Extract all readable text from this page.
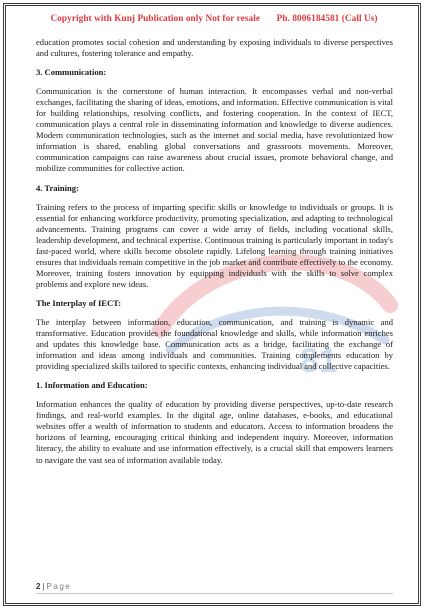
Copyright with Kunj Publication only Not for resale Ph. 8006184581 (Call Us)
81

education promotes social cohesion and understanding by exposing individuals to diverse perspectives and cultures, fostering tolerance and empathy.

3. Communication:

Communication is the cornerstone of human interaction. It encompasses verbal and non-verbal exchanges, facilitating the sharing of ideas, emotions, and information. Effective communication is vital for building relationships, resolving conflicts, and fostering cooperation. In the context of IECT, communication plays a central role in disseminating information and knowledge to diverse audiences. Modern communication technologies, such as the internet and social media, have revolutionized how information is shared, enabling global conversations and grassroots movements. Moreover, communication campaigns can raise awareness about crucial issues, promote behavioral change, and mobilize communities for collective action.

4. Training:

Training refers to the process of imparting specific skills or knowledge to individuals or groups. It is essential for enhancing workforce productivity, promoting specialization, and adapting to technological advancements. Training programs can cover a wide array of fields, including vocational skills, leadership development, and technical expertise. Continuous training is particularly important in today's fast-paced world, where skills become obsolete rapidly. Lifelong learning through training initiatives ensures that individuals remain competitive in the job market and contribute effectively to the economy. Moreover, training fosters innovation by equipping individuals with the skills to solve complex problems and explore new ideas.

The Interplay of IECT:

The interplay between information, education, communication, and training is dynamic and transformative. Education provides the foundational knowledge and skills, while information enriches and updates this knowledge base. Communication acts as a bridge, facilitating the exchange of information and ideas among individuals and communities. Training complements education by providing specialized skills tailored to specific contexts, enhancing individual and collective capacities.

1. Information and Education:

Information enhances the quality of education by providing diverse perspectives, up-to-date research findings, and real-world examples. In the digital age, online databases, e-books, and educational websites offer a wealth of information to students and educators. Access to information broadens the horizons of learning, encouraging critical thinking and independent inquiry. Moreover, information literacy, the ability to evaluate and use information effectively, is a crucial skill that empowers learners to navigate the vast sea of information available today.

2 | Page
